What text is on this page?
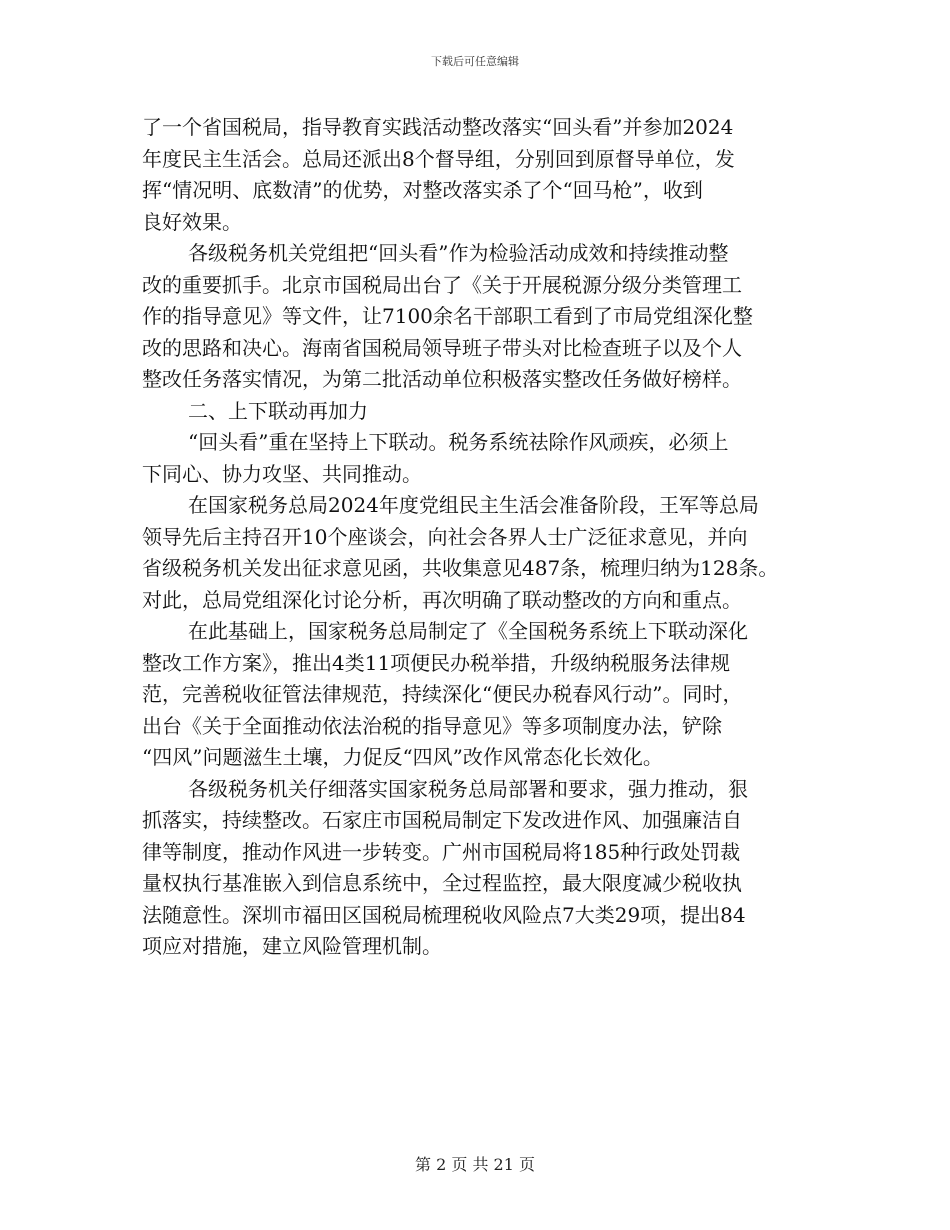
下载后可任意编辑
了一个省国税局，指导教育实践活动整改落实“回头看”并参加2024
年度民主生活会。总局还派出8个督导组，分别回到原督导单位，发
挥“情况明、底数清”的优势，对整改落实杀了个“回马枪”，收到
良好效果。
各级税务机关党组把“回头看”作为检验活动成效和持续推动整
改的重要抓手。北京市国税局出台了《关于开展税源分级分类管理工
作的指导意见》等文件，让7100余名干部职工看到了市局党组深化整
改的思路和决心。海南省国税局领导班子带头对比检查班子以及个人
整改任务落实情况，为第二批活动单位积极落实整改任务做好榜样。
二、上下联动再加力
“回头看”重在坚持上下联动。税务系统祛除作风顽疾，必须上
下同心、协力攻坚、共同推动。
在国家税务总局2024年度党组民主生活会准备阶段，王军等总局
领导先后主持召开10个座谈会，向社会各界人士广泛征求意见，并向
省级税务机关发出征求意见函，共收集意见487条，梳理归纳为128条。
对此，总局党组深化讨论分析，再次明确了联动整改的方向和重点。
在此基础上，国家税务总局制定了《全国税务系统上下联动深化
整改工作方案》，推出4类11项便民办税举措，升级纳税服务法律规
范，完善税收征管法律规范，持续深化“便民办税春风行动”。同时，
出台《关于全面推动依法治税的指导意见》等多项制度办法，铲除
“四风”问题滋生土壤，力促反“四风”改作风常态化长效化。
各级税务机关仔细落实国家税务总局部署和要求，强力推动，狠
抓落实，持续整改。石家庄市国税局制定下发改进作风、加强廉洁自
律等制度，推动作风进一步转变。广州市国税局将185种行政处罚裁
量权执行基准嵌入到信息系统中，全过程监控，最大限度减少税收执
法随意性。深圳市福田区国税局梳理税收风险点7大类29项，提出84
项应对措施，建立风险管理机制。
第 2 页 共 21 页
